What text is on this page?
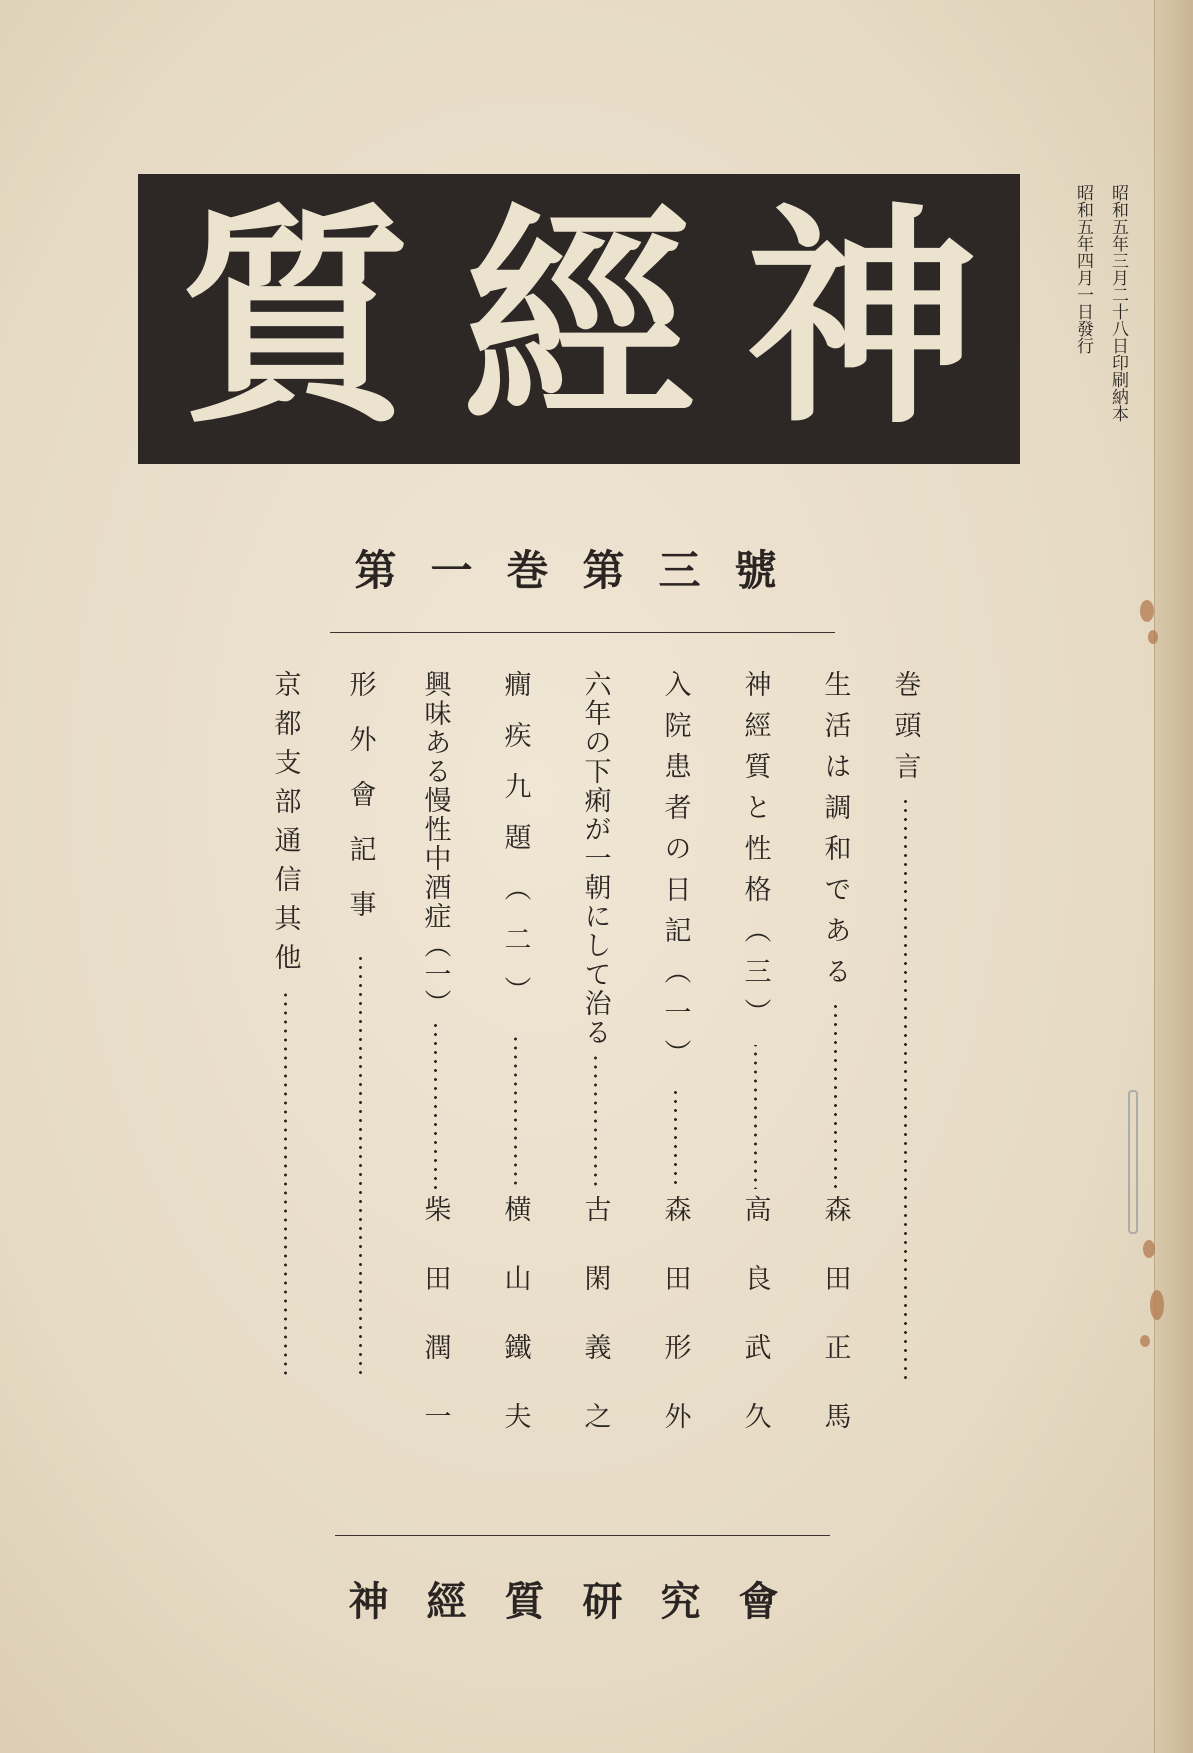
質 經 神	昭和五年三月二十八日印刷納本
昭和五年四月一日發行
第一巻第三號
巻頭言
生活は調和である
森田正馬
神經質と性格（三）
高良武久
入院患者の日記（一）
森田形外
六年の下痢が一朝にして治る
古閑義之
癇疾九題（二）
横山鐵夫
興味ある慢性中酒症（一）
柴田潤一
形外會記事
京都支部通信其他
神經質研究會
